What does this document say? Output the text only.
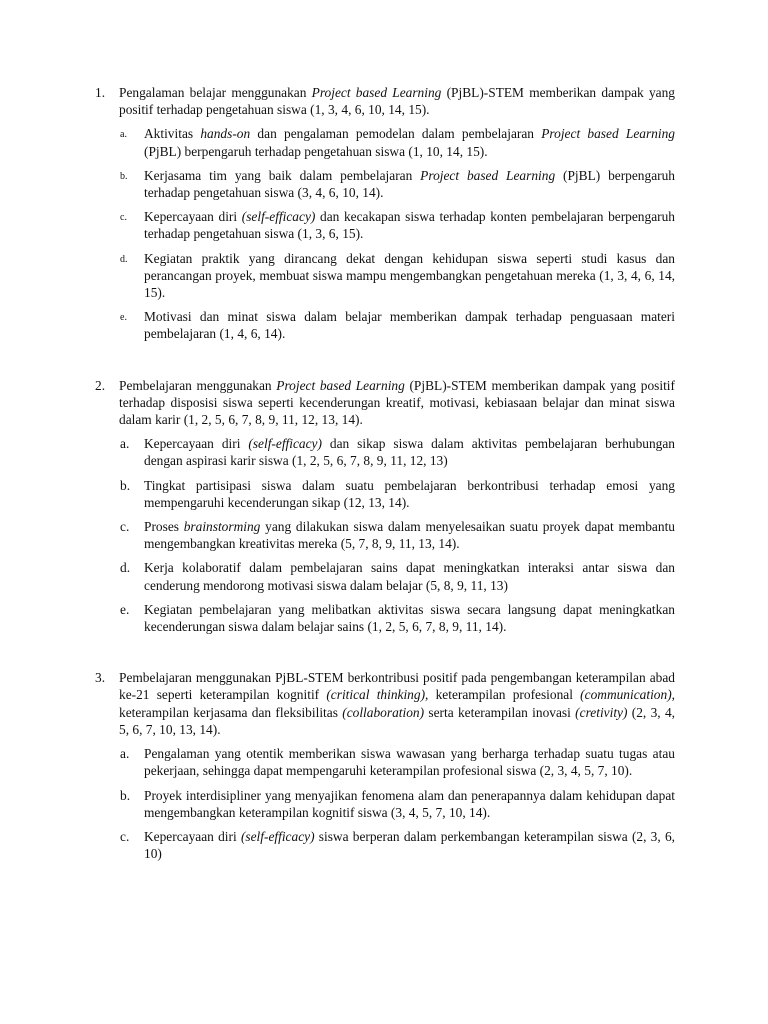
1. Pengalaman belajar menggunakan Project based Learning (PjBL)-STEM memberikan dampak yang positif terhadap pengetahuan siswa (1, 3, 4, 6, 10, 14, 15).

a. Aktivitas hands-on dan pengalaman pemodelan dalam pembelajaran Project based Learning (PjBL) berpengaruh terhadap pengetahuan siswa (1, 10, 14, 15).

b. Kerjasama tim yang baik dalam pembelajaran Project based Learning (PjBL) berpengaruh terhadap pengetahuan siswa (3, 4, 6, 10, 14).

c. Kepercayaan diri (self-efficacy) dan kecakapan siswa terhadap konten pembelajaran berpengaruh terhadap pengetahuan siswa (1, 3, 6, 15).

d. Kegiatan praktik yang dirancang dekat dengan kehidupan siswa seperti studi kasus dan perancangan proyek, membuat siswa mampu mengembangkan pengetahuan mereka (1, 3, 4, 6, 14, 15).

e. Motivasi dan minat siswa dalam belajar memberikan dampak terhadap penguasaan materi pembelajaran (1, 4, 6, 14).

2. Pembelajaran menggunakan Project based Learning (PjBL)-STEM memberikan dampak yang positif terhadap disposisi siswa seperti kecenderungan kreatif, motivasi, kebiasaan belajar dan minat siswa dalam karir (1, 2, 5, 6, 7, 8, 9, 11, 12, 13, 14).

a. Kepercayaan diri (self-efficacy) dan sikap siswa dalam aktivitas pembelajaran berhubungan dengan aspirasi karir siswa (1, 2, 5, 6, 7, 8, 9, 11, 12, 13)

b. Tingkat partisipasi siswa dalam suatu pembelajaran berkontribusi terhadap emosi yang mempengaruhi kecenderungan sikap (12, 13, 14).

c. Proses brainstorming yang dilakukan siswa dalam menyelesaikan suatu proyek dapat membantu mengembangkan kreativitas mereka (5, 7, 8, 9, 11, 13, 14).

d. Kerja kolaboratif dalam pembelajaran sains dapat meningkatkan interaksi antar siswa dan cenderung mendorong motivasi siswa dalam belajar (5, 8, 9, 11, 13)

e. Kegiatan pembelajaran yang melibatkan aktivitas siswa secara langsung dapat meningkatkan kecenderungan siswa dalam belajar sains (1, 2, 5, 6, 7, 8, 9, 11, 14).

3. Pembelajaran menggunakan PjBL-STEM berkontribusi positif pada pengembangan keterampilan abad ke-21 seperti keterampilan kognitif (critical thinking), keterampilan profesional (communication), keterampilan kerjasama dan fleksibilitas (collaboration) serta keterampilan inovasi (cretivity) (2, 3, 4, 5, 6, 7, 10, 13, 14).

a. Pengalaman yang otentik memberikan siswa wawasan yang berharga terhadap suatu tugas atau pekerjaan, sehingga dapat mempengaruhi keterampilan profesional siswa (2, 3, 4, 5, 7, 10).

b. Proyek interdisipliner yang menyajikan fenomena alam dan penerapannya dalam kehidupan dapat mengembangkan keterampilan kognitif siswa (3, 4, 5, 7, 10, 14).

c. Kepercayaan diri (self-efficacy) siswa berperan dalam perkembangan keterampilan siswa (2, 3, 6, 10)
